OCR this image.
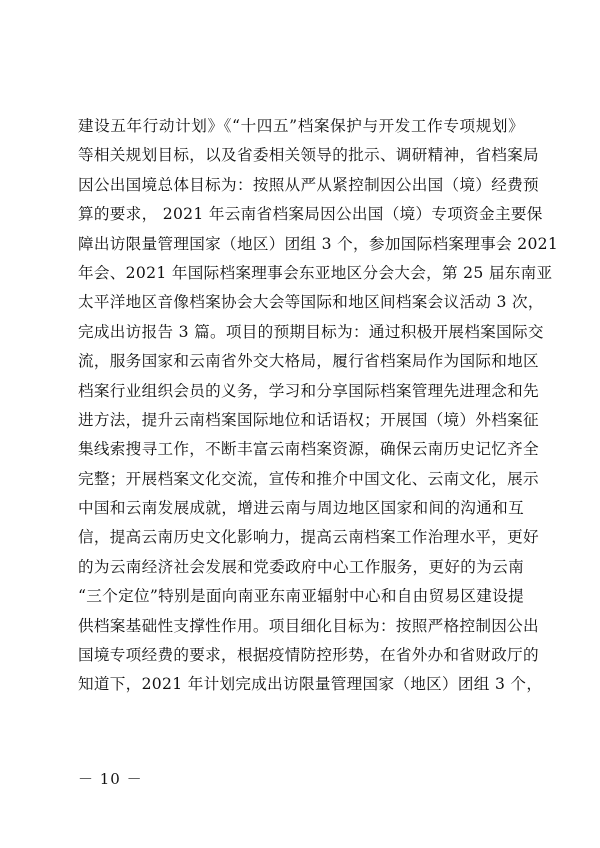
建设五年行动计划》《“十四五”档案保护与开发工作专项规划》
等相关规划目标，以及省委相关领导的批示、调研精神，省档案局
因公出国境总体目标为：按照从严从紧控制因公出国（境）经费预
算的要求， 2021 年云南省档案局因公出国（境）专项资金主要保
障出访限量管理国家（地区）团组 3 个，参加国际档案理事会 2021
年会、2021 年国际档案理事会东亚地区分会大会，第 25 届东南亚
太平洋地区音像档案协会大会等国际和地区间档案会议活动 3 次，
完成出访报告 3 篇。项目的预期目标为：通过积极开展档案国际交
流，服务国家和云南省外交大格局，履行省档案局作为国际和地区
档案行业组织会员的义务，学习和分享国际档案管理先进理念和先
进方法，提升云南档案国际地位和话语权；开展国（境）外档案征
集线索搜寻工作，不断丰富云南档案资源，确保云南历史记忆齐全
完整；开展档案文化交流，宣传和推介中国文化、云南文化，展示
中国和云南发展成就，增进云南与周边地区国家和间的沟通和互
信，提高云南历史文化影响力，提高云南档案工作治理水平，更好
的为云南经济社会发展和党委政府中心工作服务，更好的为云南
“三个定位”特别是面向南亚东南亚辐射中心和自由贸易区建设提
供档案基础性支撑性作用。项目细化目标为：按照严格控制因公出
国境专项经费的要求，根据疫情防控形势，在省外办和省财政厅的
知道下，2021 年计划完成出访限量管理国家（地区）团组 3 个，
－ 10 －
